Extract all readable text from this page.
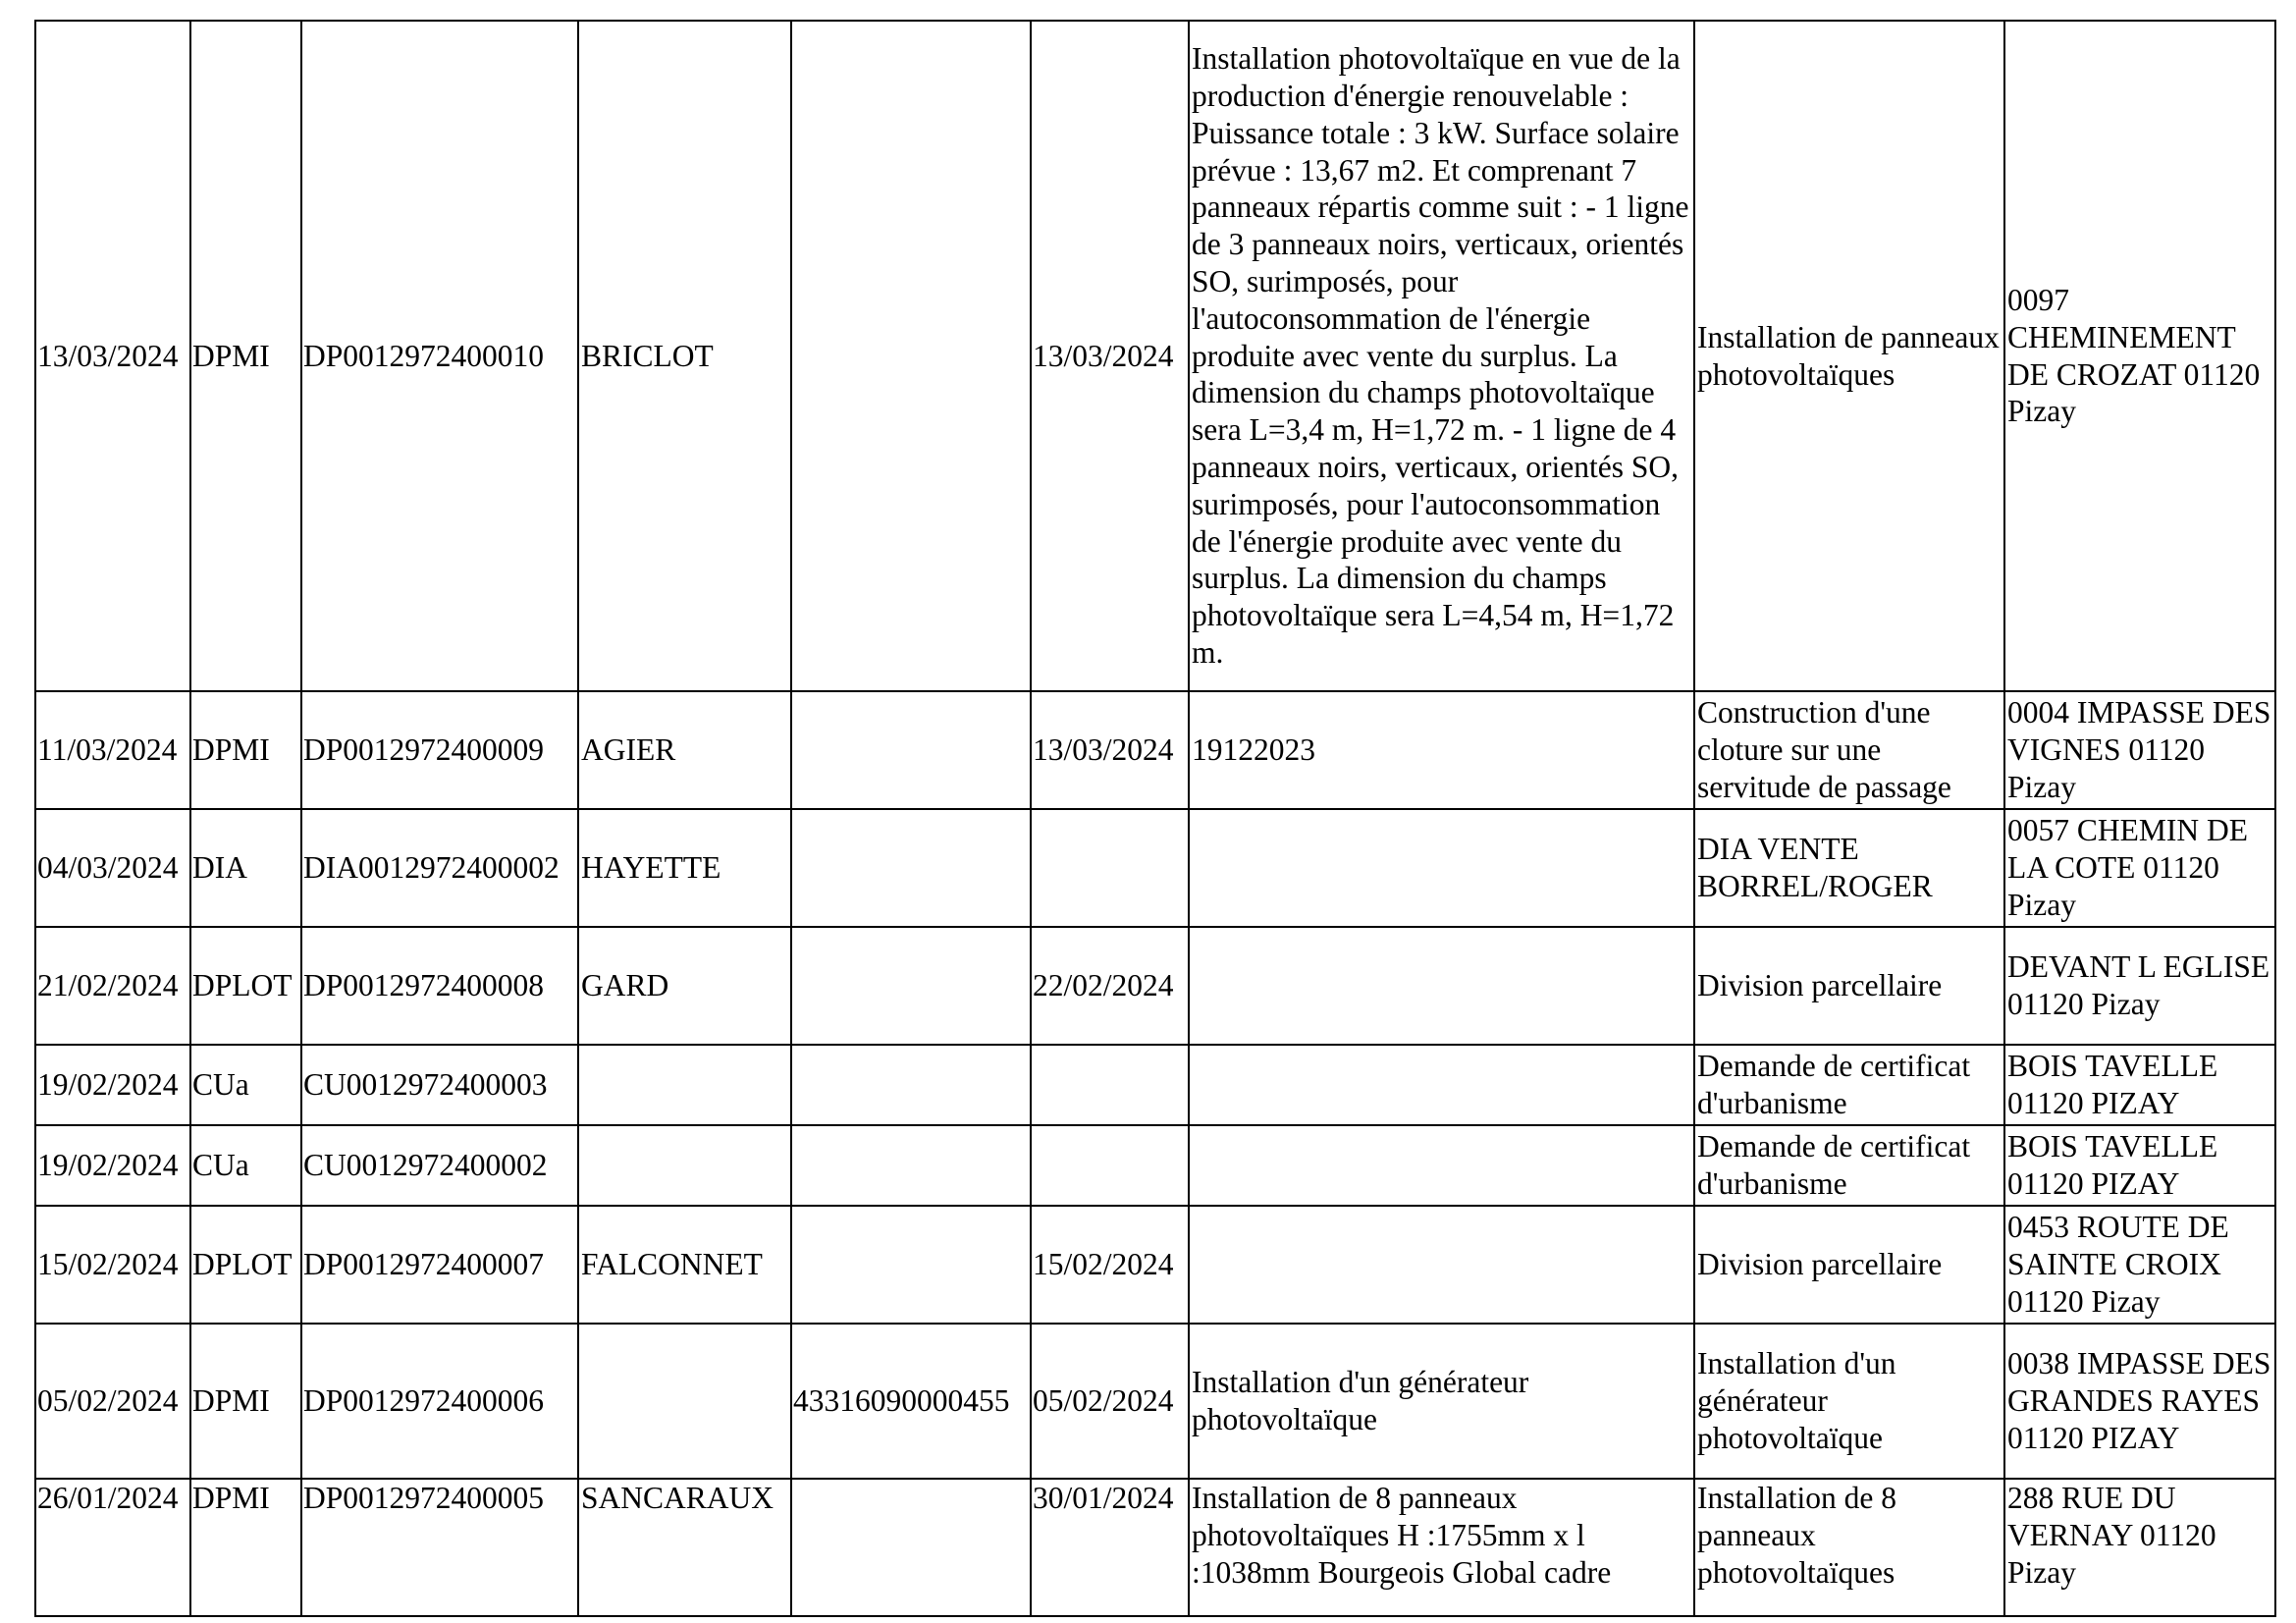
13/03/2024	DPMI	DP0012972400010	BRICLOT		13/03/2024	Installation photovoltaïque en vue de la production d'énergie renouvelable : Puissance totale : 3 kW. Surface solaire prévue : 13,67 m2. Et comprenant 7 panneaux répartis comme suit : - 1 ligne de 3 panneaux noirs, verticaux, orientés SO, surimposés, pour l'autoconsommation de l'énergie produite avec vente du surplus. La dimension du champs photovoltaïque sera L=3,4 m, H=1,72 m. - 1 ligne de 4 panneaux noirs, verticaux, orientés SO, surimposés, pour l'autoconsommation de l'énergie produite avec vente du surplus. La dimension du champs photovoltaïque sera L=4,54 m, H=1,72 m.	Installation de panneaux photovoltaïques	0097 CHEMINEMENT DE CROZAT 01120 Pizay
11/03/2024	DPMI	DP0012972400009	AGIER		13/03/2024	19122023	Construction d'une cloture sur une servitude de passage	0004 IMPASSE DES VIGNES 01120 Pizay
04/03/2024	DIA	DIA0012972400002	HAYETTE				DIA VENTE BORREL/ROGER	0057 CHEMIN DE LA COTE 01120 Pizay
21/02/2024	DPLOT	DP0012972400008	GARD		22/02/2024		Division parcellaire	DEVANT L EGLISE 01120 Pizay
19/02/2024	CUa	CU0012972400003					Demande de certificat d'urbanisme	BOIS TAVELLE 01120 PIZAY
19/02/2024	CUa	CU0012972400002					Demande de certificat d'urbanisme	BOIS TAVELLE 01120 PIZAY
15/02/2024	DPLOT	DP0012972400007	FALCONNET		15/02/2024		Division parcellaire	0453 ROUTE DE SAINTE CROIX 01120 Pizay
05/02/2024	DPMI	DP0012972400006		43316090000455	05/02/2024	Installation d'un générateur photovoltaïque	Installation d'un générateur photovoltaïque	0038 IMPASSE DES GRANDES RAYES 01120 PIZAY
26/01/2024	DPMI	DP0012972400005	SANCARAUX		30/01/2024	Installation de 8 panneaux photovoltaïques H :1755mm x l :1038mm Bourgeois Global cadre	Installation de 8 panneaux photovoltaïques	288 RUE DU VERNAY 01120 Pizay
